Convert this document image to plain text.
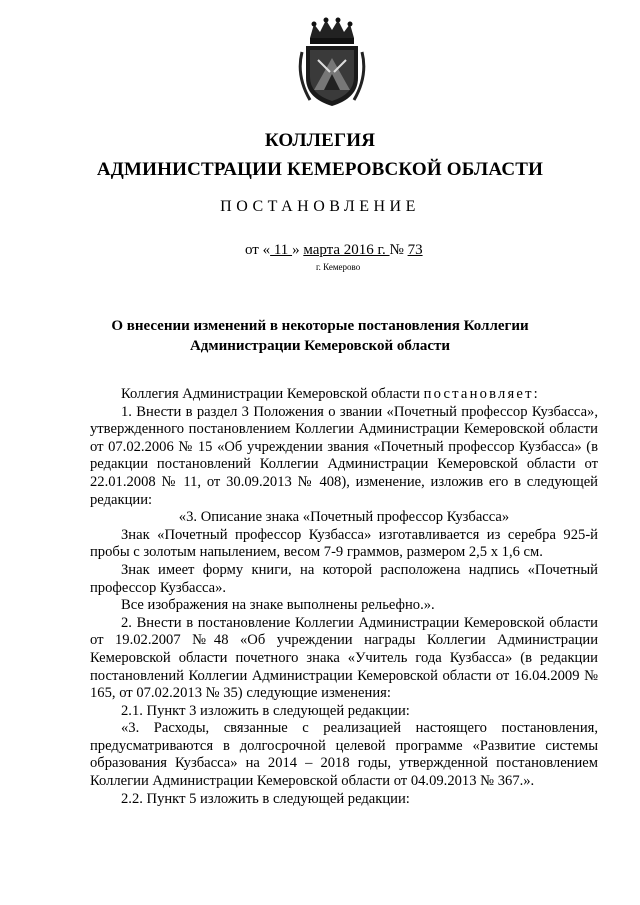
КОЛЛЕГИЯ
АДМИНИСТРАЦИИ КЕМЕРОВСКОЙ ОБЛАСТИ
ПОСТАНОВЛЕНИЕ
от « 11 » марта 2016 г. № 73
г. Кемерово
О внесении изменений в некоторые постановления Коллегии
Администрации Кемеровской области

Коллегия Администрации Кемеровской области постановляет:

1. Внести в раздел 3 Положения о звании «Почетный профессор Кузбасса», утвержденного постановлением Коллегии Администрации Кемеровской области от 07.02.2006 № 15 «Об учреждении звания «Почетный профессор Кузбасса» (в редакции постановлений Коллегии Администрации Кемеровской области от 22.01.2008 № 11, от 30.09.2013 № 408), изменение, изложив его в следующей редакции:

«3. Описание знака «Почетный профессор Кузбасса»

Знак «Почетный профессор Кузбасса» изготавливается из серебра 925-й пробы с золотым напылением, весом 7-9 граммов, размером 2,5 х 1,6 см.

Знак имеет форму книги, на которой расположена надпись «Почетный профессор Кузбасса».

Все изображения на знаке выполнены рельефно.».

2. Внести в постановление Коллегии Администрации Кемеровской области от 19.02.2007 №48 «Об учреждении награды Коллегии Администрации Кемеровской области почетного знака «Учитель года Кузбасса» (в редакции постановлений Коллегии Администрации Кемеровской области от 16.04.2009 № 165, от 07.02.2013 № 35) следующие изменения:

2.1. Пункт 3 изложить в следующей редакции:

«3. Расходы, связанные с реализацией настоящего постановления, предусматриваются в долгосрочной целевой программе «Развитие системы образования Кузбасса» на 2014 – 2018 годы, утвержденной постановлением Коллегии Администрации Кемеровской области от 04.09.2013 № 367.».

2.2. Пункт 5 изложить в следующей редакции:
